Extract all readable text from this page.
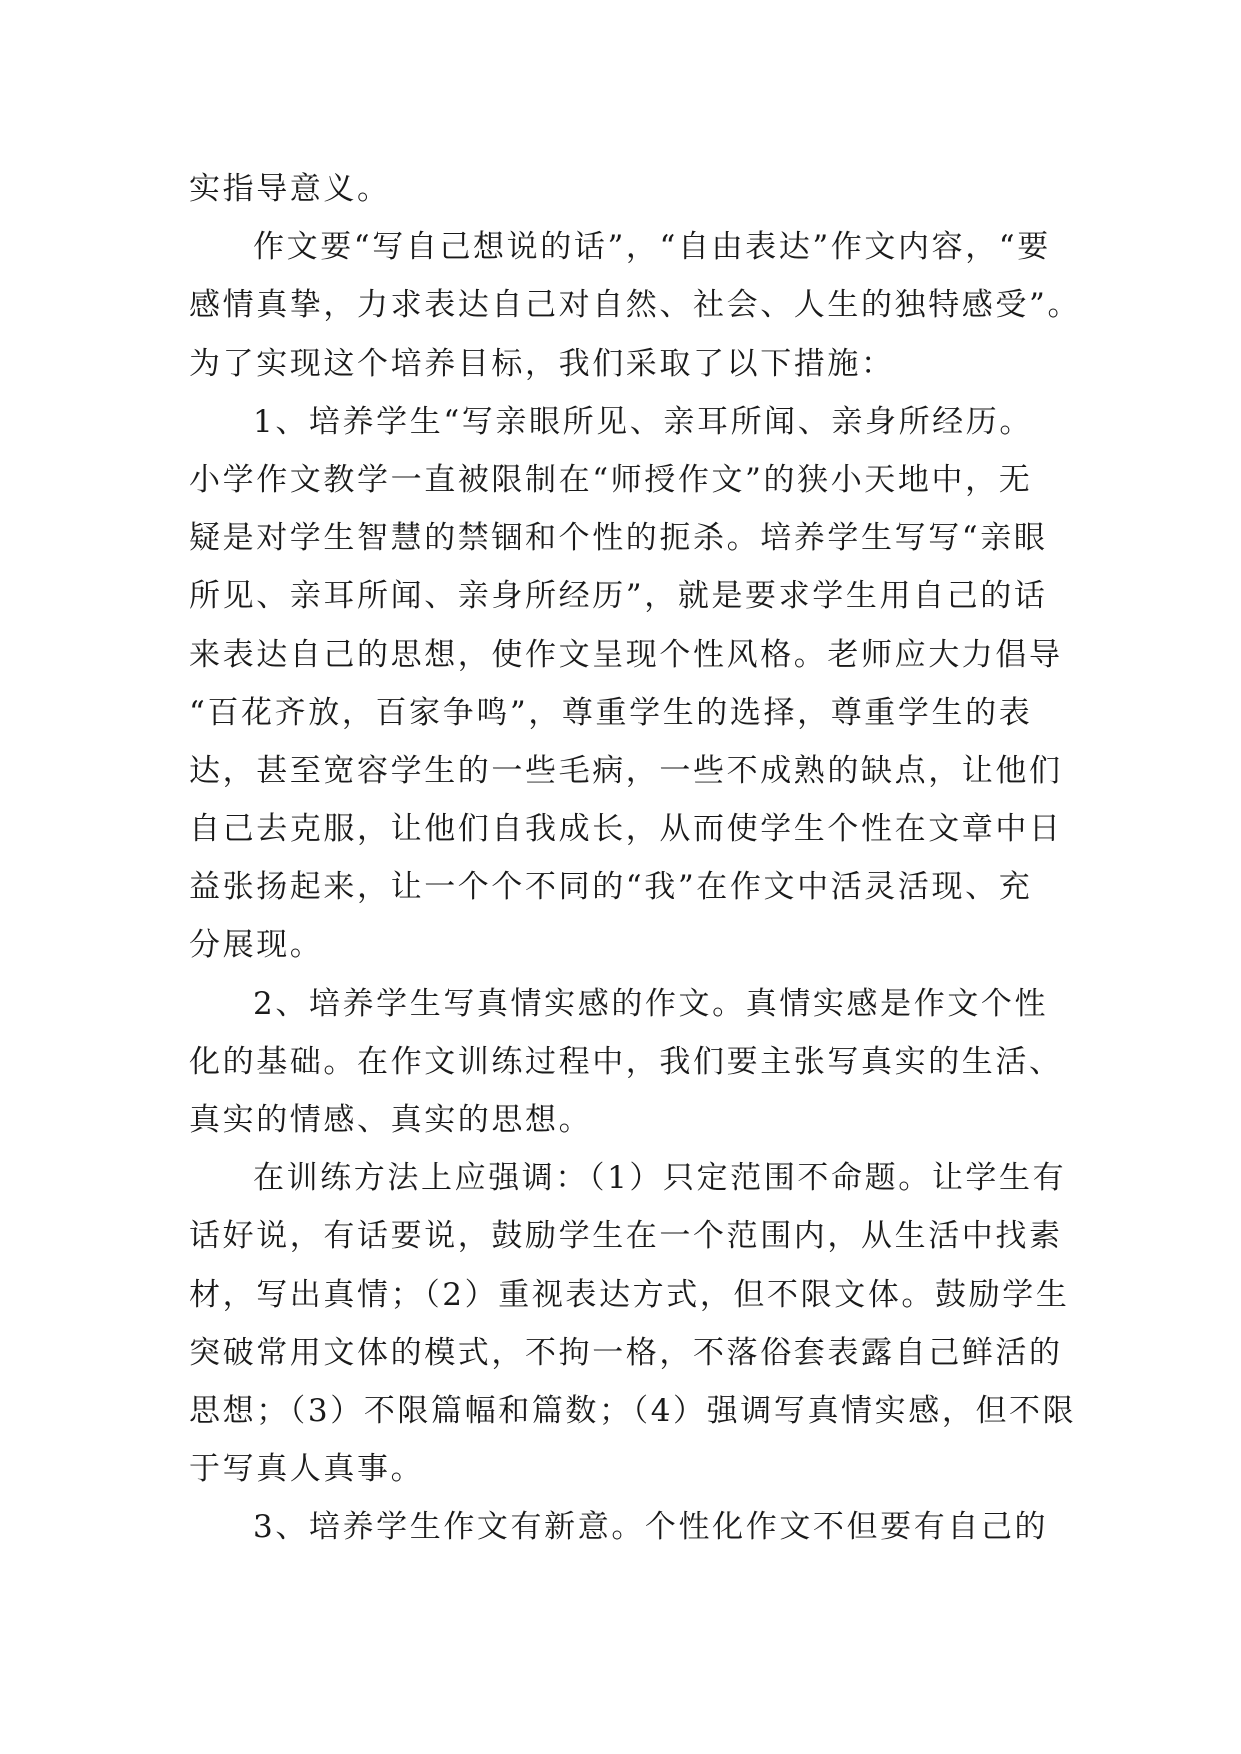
实指导意义。
作文要“写自己想说的话”，“自由表达”作文内容，“要
感情真挚，力求表达自己对自然、社会、人生的独特感受”。
为了实现这个培养目标，我们采取了以下措施：
1、培养学生“写亲眼所见、亲耳所闻、亲身所经历。
小学作文教学一直被限制在“师授作文”的狭小天地中，无
疑是对学生智慧的禁锢和个性的扼杀。培养学生写写“亲眼
所见、亲耳所闻、亲身所经历”，就是要求学生用自己的话
来表达自己的思想，使作文呈现个性风格。老师应大力倡导
“百花齐放，百家争鸣”，尊重学生的选择，尊重学生的表
达，甚至宽容学生的一些毛病，一些不成熟的缺点，让他们
自己去克服，让他们自我成长，从而使学生个性在文章中日
益张扬起来，让一个个不同的“我”在作文中活灵活现、充
分展现。
2、培养学生写真情实感的作文。真情实感是作文个性
化的基础。在作文训练过程中，我们要主张写真实的生活、
真实的情感、真实的思想。
在训练方法上应强调：（1）只定范围不命题。让学生有
话好说，有话要说，鼓励学生在一个范围内，从生活中找素
材，写出真情；（2）重视表达方式，但不限文体。鼓励学生
突破常用文体的模式，不拘一格，不落俗套表露自己鲜活的
思想；（3）不限篇幅和篇数；（4）强调写真情实感，但不限
于写真人真事。
3、培养学生作文有新意。个性化作文不但要有自己的
